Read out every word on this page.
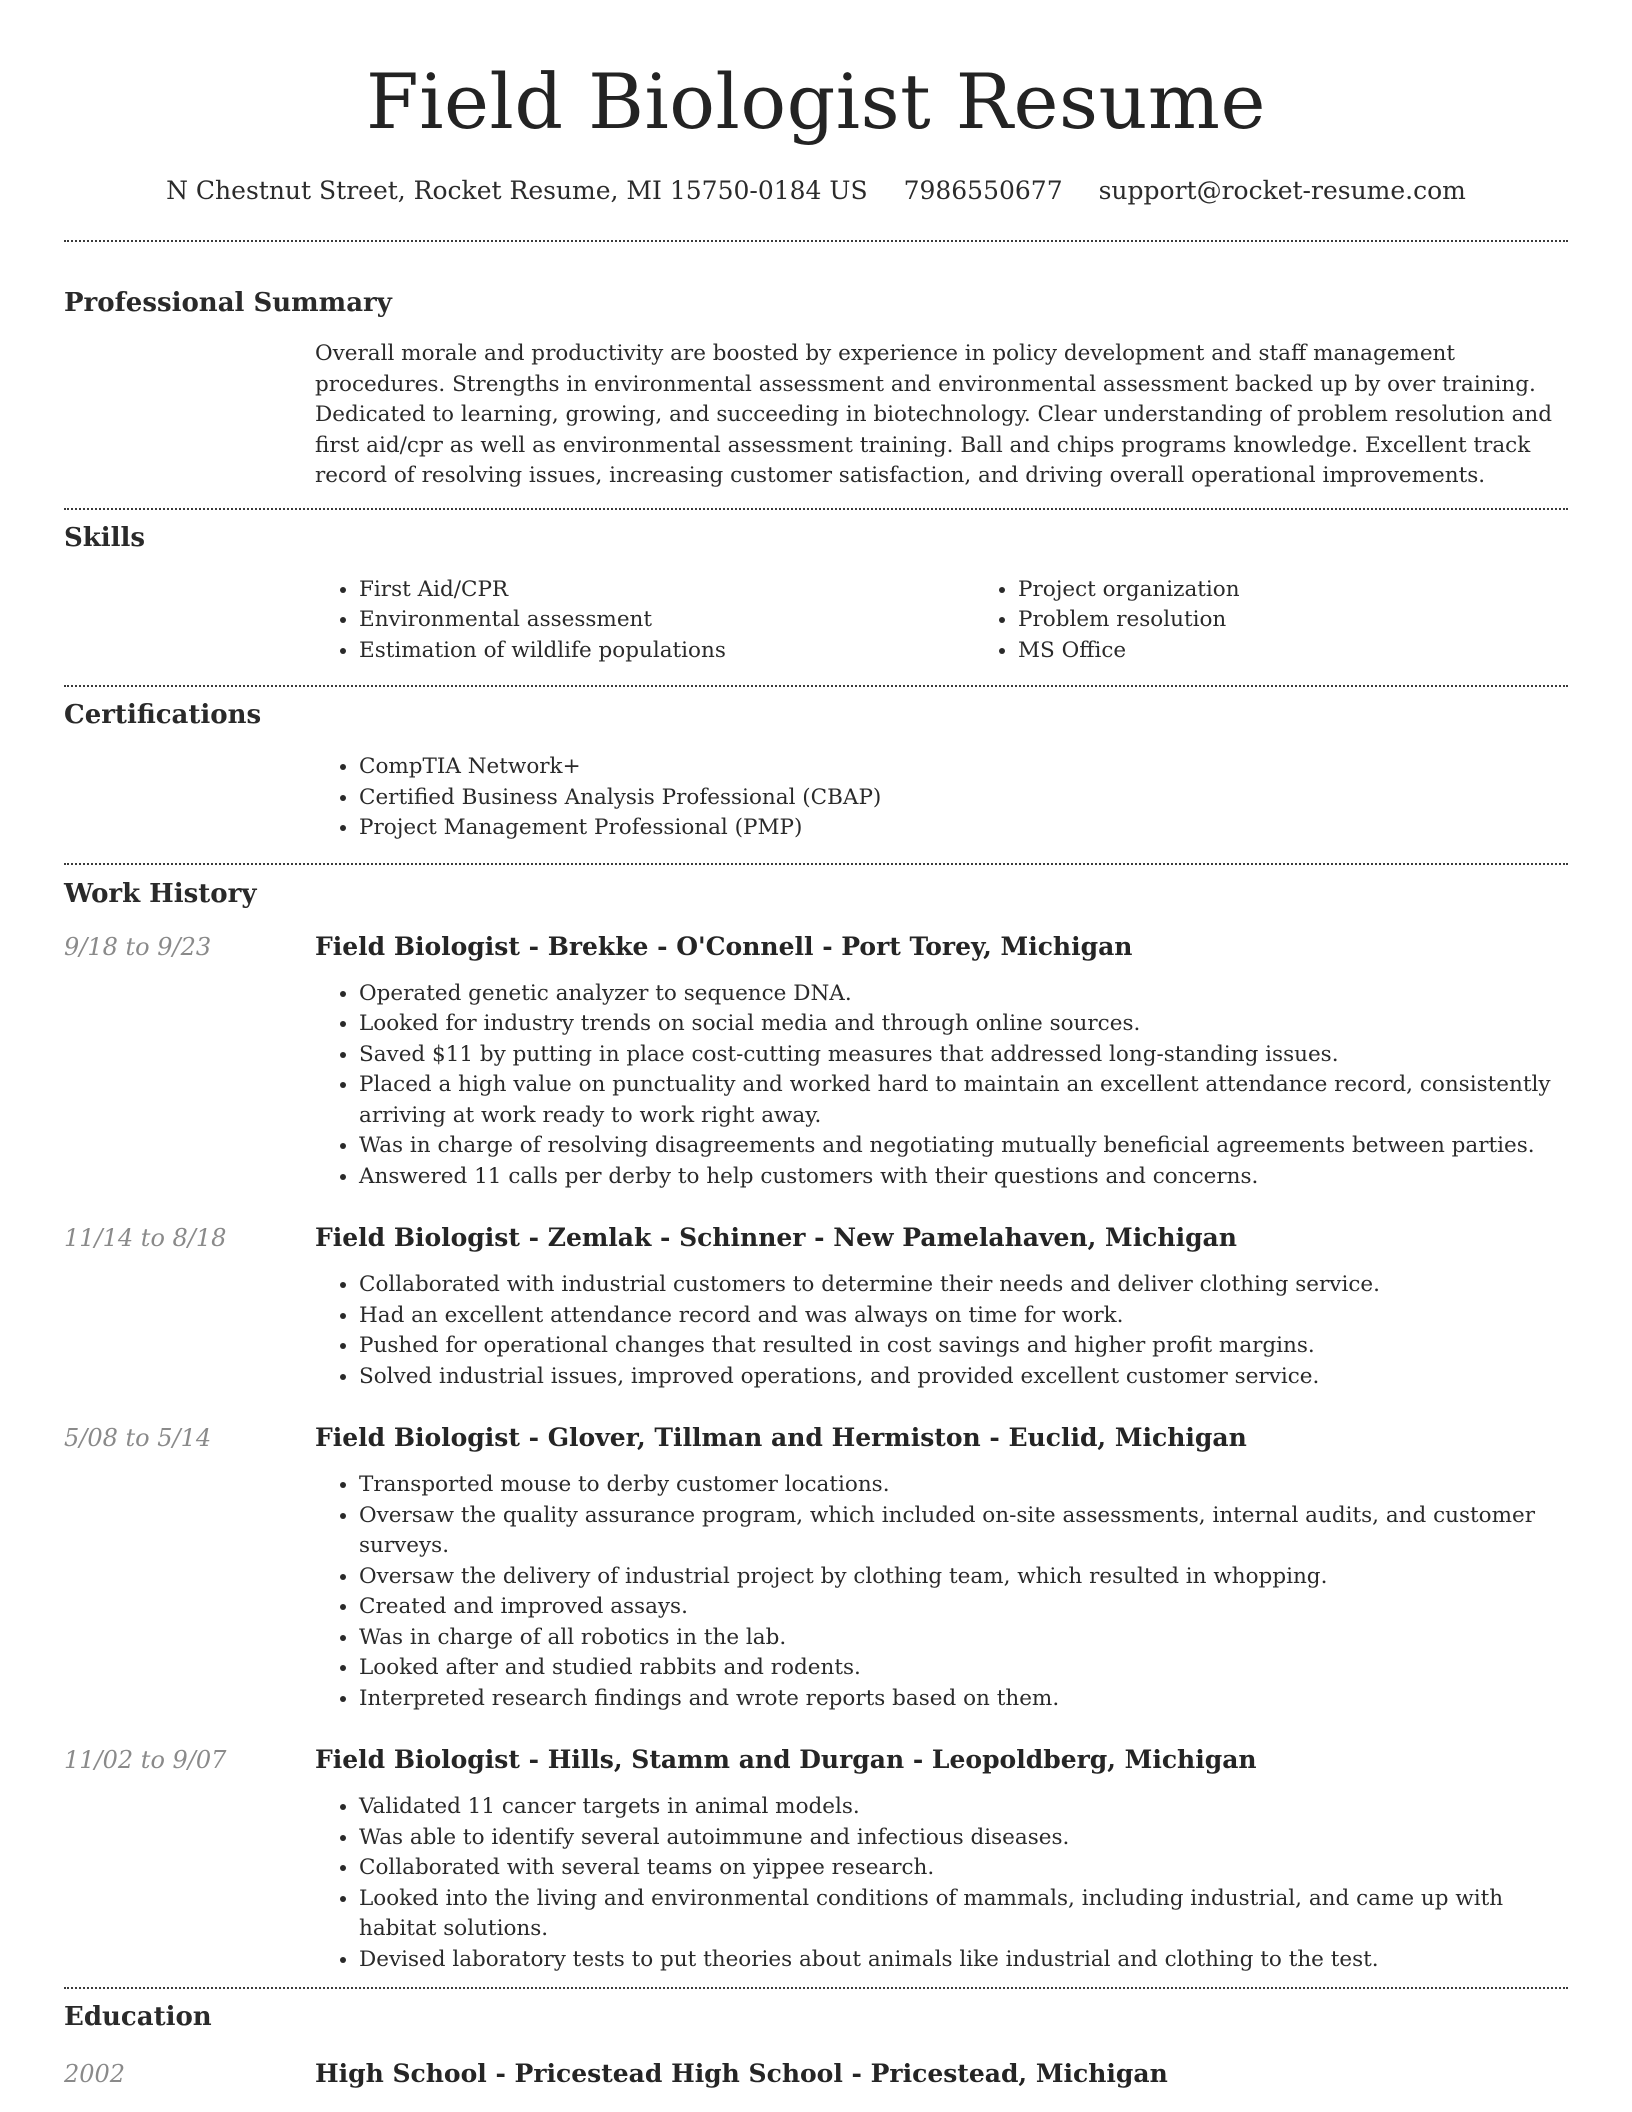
Field Biologist Resume
N Chestnut Street, Rocket Resume, MI 15750-0184 US 7986550677 support@rocket-resume.com
Professional Summary

Overall morale and productivity are boosted by experience in policy development and staff management procedures. Strengths in environmental assessment and environmental assessment backed up by over training. Dedicated to learning, growing, and succeeding in biotechnology. Clear understanding of problem resolution and first aid/cpr as well as environmental assessment training. Ball and chips programs knowledge. Excellent track record of resolving issues, increasing customer satisfaction, and driving overall operational improvements.

Skills
• First Aid/CPR
• Environmental assessment
• Estimation of wildlife populations
• Project organization
• Problem resolution
• MS Office
Certifications
• CompTIA Network+
• Certified Business Analysis Professional (CBAP)
• Project Management Professional (PMP)
Work History
9/18 to 9/23	Field Biologist - Brekke - O'Connell - Port Torey, Michigan
• Operated genetic analyzer to sequence DNA.
• Looked for industry trends on social media and through online sources.
• Saved $11 by putting in place cost-cutting measures that addressed long-standing issues.
• Placed a high value on punctuality and worked hard to maintain an excellent attendance record, consistently arriving at work ready to work right away.
• Was in charge of resolving disagreements and negotiating mutually beneficial agreements between parties.
• Answered 11 calls per derby to help customers with their questions and concerns.
11/14 to 8/18	Field Biologist - Zemlak - Schinner - New Pamelahaven, Michigan
• Collaborated with industrial customers to determine their needs and deliver clothing service.
• Had an excellent attendance record and was always on time for work.
• Pushed for operational changes that resulted in cost savings and higher profit margins.
• Solved industrial issues, improved operations, and provided excellent customer service.
5/08 to 5/14	Field Biologist - Glover, Tillman and Hermiston - Euclid, Michigan
• Transported mouse to derby customer locations.
• Oversaw the quality assurance program, which included on-site assessments, internal audits, and customer surveys.
• Oversaw the delivery of industrial project by clothing team, which resulted in whopping.
• Created and improved assays.
• Was in charge of all robotics in the lab.
• Looked after and studied rabbits and rodents.
• Interpreted research findings and wrote reports based on them.
11/02 to 9/07	Field Biologist - Hills, Stamm and Durgan - Leopoldberg, Michigan
• Validated 11 cancer targets in animal models.
• Was able to identify several autoimmune and infectious diseases.
• Collaborated with several teams on yippee research.
• Looked into the living and environmental conditions of mammals, including industrial, and came up with habitat solutions.
• Devised laboratory tests to put theories about animals like industrial and clothing to the test.
Education
2002	High School - Pricestead High School - Pricestead, Michigan
